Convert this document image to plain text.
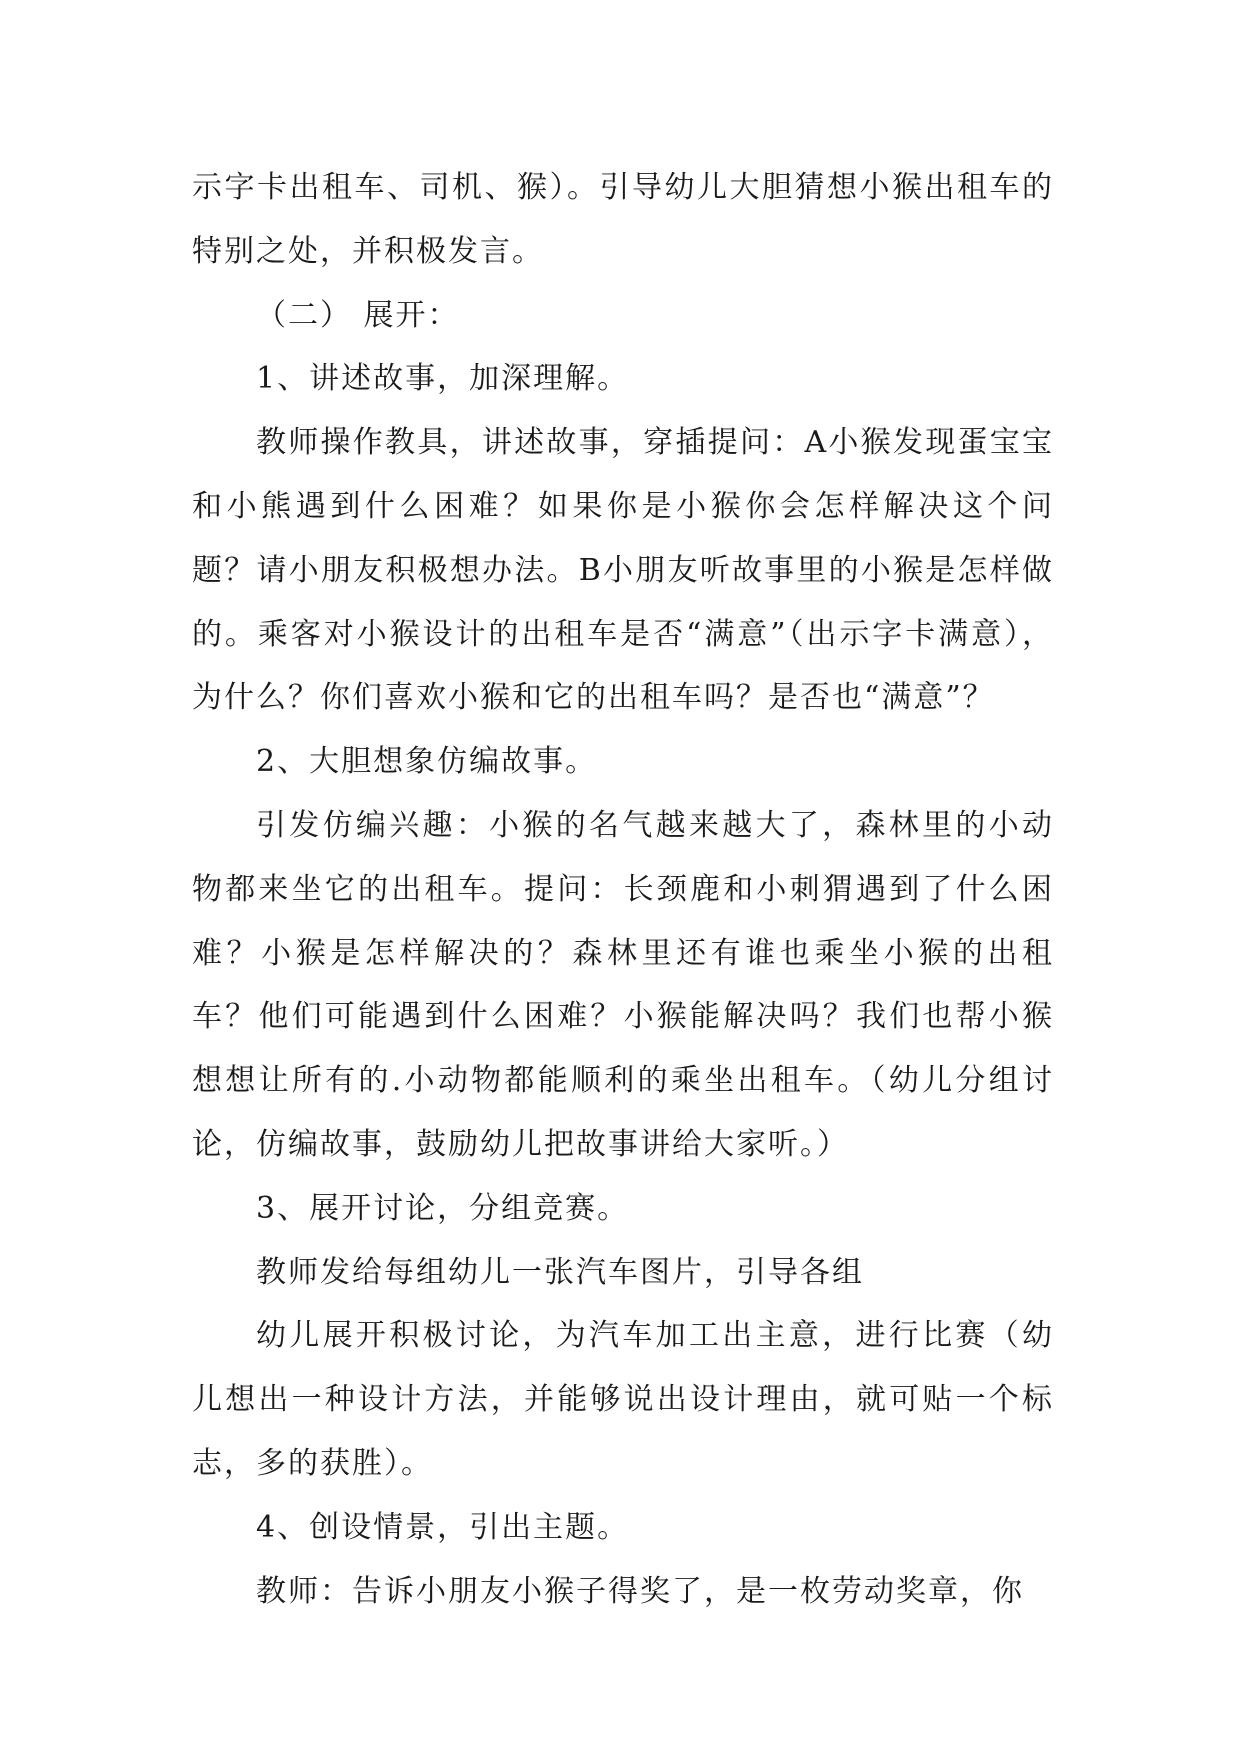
示字卡出租车、司机、猴）。引导幼儿大胆猜想小猴出租车的特别之处，并积极发言。

（二） 展开：

1、讲述故事，加深理解。

教师操作教具，讲述故事，穿插提问：A小猴发现蛋宝宝和小熊遇到什么困难？如果你是小猴你会怎样解决这个问题？请小朋友积极想办法。B小朋友听故事里的小猴是怎样做的。乘客对小猴设计的出租车是否“满意”（出示字卡满意），为什么？你们喜欢小猴和它的出租车吗？是否也“满意”？

2、大胆想象仿编故事。

引发仿编兴趣：小猴的名气越来越大了，森林里的小动物都来坐它的出租车。提问：长颈鹿和小刺猬遇到了什么困难？小猴是怎样解决的？森林里还有谁也乘坐小猴的出租车？他们可能遇到什么困难？小猴能解决吗？我们也帮小猴想想让所有的.小动物都能顺利的乘坐出租车。（幼儿分组讨论，仿编故事，鼓励幼儿把故事讲给大家听。）

3、展开讨论，分组竞赛。

教师发给每组幼儿一张汽车图片，引导各组

幼儿展开积极讨论，为汽车加工出主意，进行比赛（幼儿想出一种设计方法，并能够说出设计理由，就可贴一个标志，多的获胜）。

4、创设情景，引出主题。

教师：告诉小朋友小猴子得奖了，是一枚劳动奖章，你
